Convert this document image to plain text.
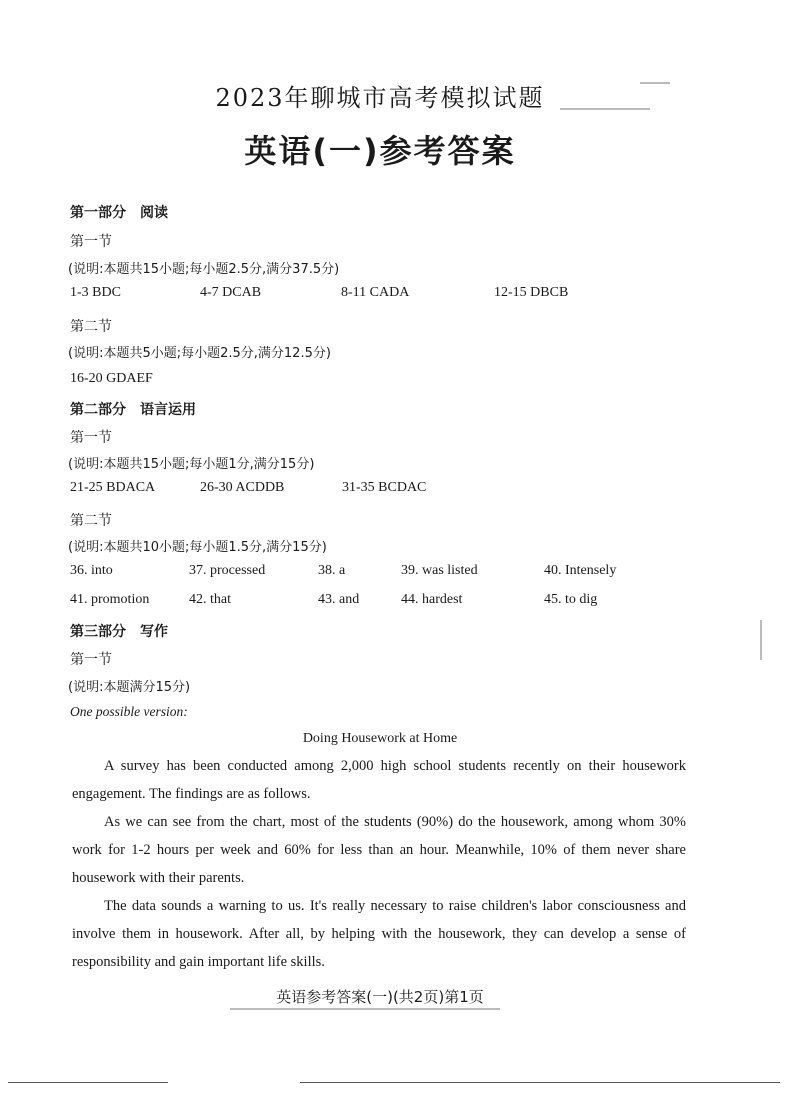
2023年聊城市高考模拟试题
英语(一)参考答案
第一部分 阅读
第一节
(说明:本题共15小题;每小题2.5分,满分37.5分)
1-3 BDC	4-7 DCAB	8-11 CADA	12-15 DBCB
第二节
(说明:本题共5小题;每小题2.5分,满分12.5分)
16-20 GDAEF
第二部分 语言运用
第一节
(说明:本题共15小题;每小题1分,满分15分)
21-25 BDACA	26-30 ACDDB	31-35 BCDAC
第二节
(说明:本题共10小题;每小题1.5分,满分15分)
36. into	37. processed	38. a	39. was listed	40. Intensely
41. promotion	42. that	43. and	44. hardest	45. to dig
第三部分 写作
第一节
(说明:本题满分15分)
One possible version:
Doing Housework at Home
A survey has been conducted among 2,000 high school students recently on their housework engagement. The findings are as follows.
As we can see from the chart, most of the students (90%) do the housework, among whom 30% work for 1-2 hours per week and 60% for less than an hour. Meanwhile, 10% of them never share housework with their parents.
The data sounds a warning to us. It's really necessary to raise children's labor consciousness and involve them in housework. After all, by helping with the housework, they can develop a sense of responsibility and gain important life skills.
英语参考答案(一)(共2页)第1页
